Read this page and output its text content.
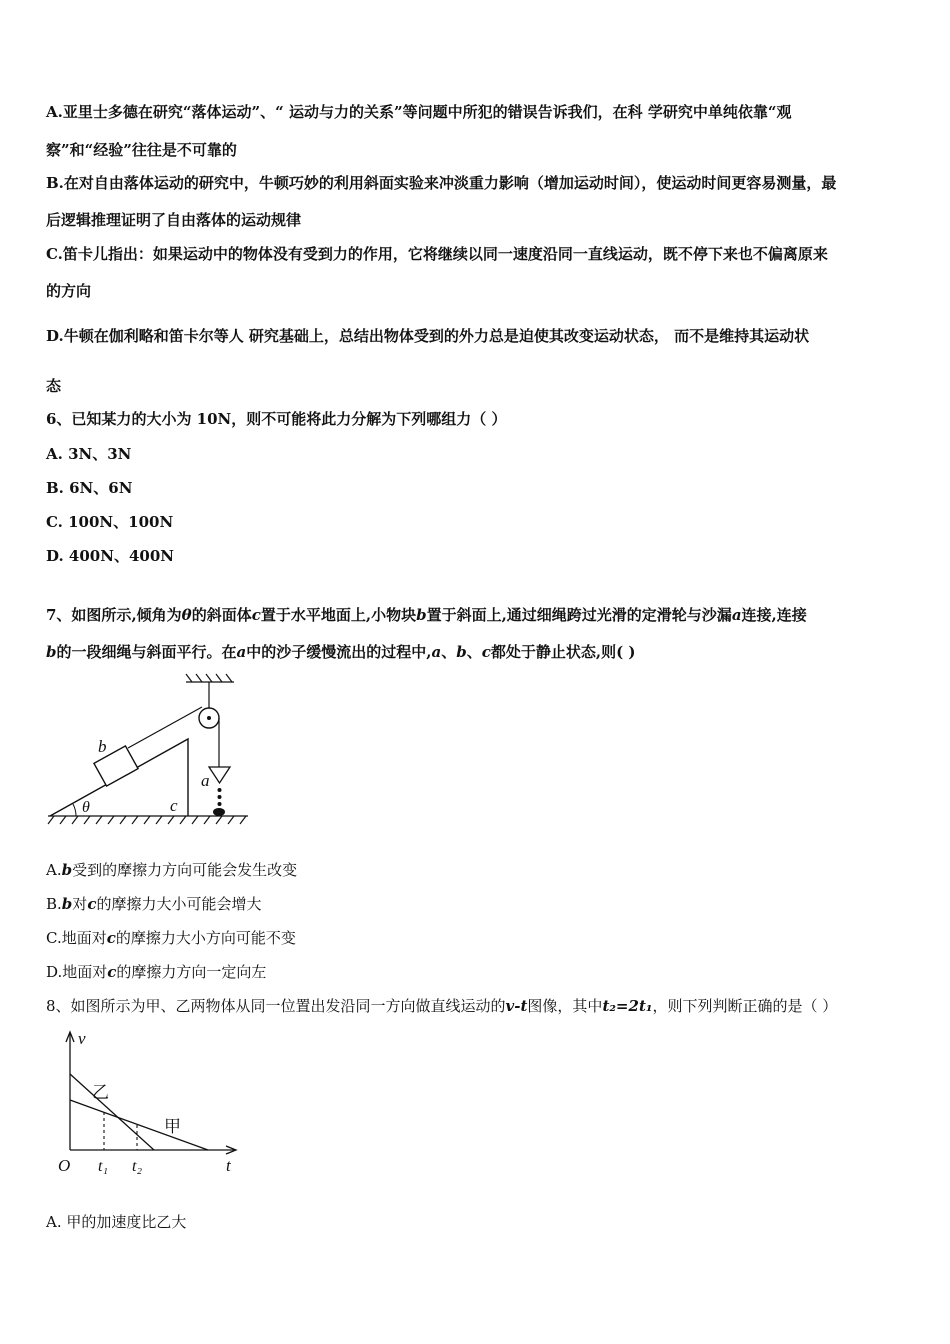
A.亚里士多德在研究“落体运动”、“ 运动与力的关系”等问题中所犯的错误告诉我们，在科 学研究中单纯依靠“观
察”和“经验”往往是不可靠的
B.在对自由落体运动的研究中，牛顿巧妙的利用斜面实验来冲淡重力影响（增加运动时间），使运动时间更容易测量，最
后逻辑推理证明了自由落体的运动规律
C.笛卡儿指出：如果运动中的物体没有受到力的作用，它将继续以同一速度沿同一直线运动，既不停下来也不偏离原来
的方向
D.牛顿在伽利略和笛卡尔等人 研究基础上，总结出物体受到的外力总是迫使其改变运动状态， 而不是维持其运动状
态
6、已知某力的大小为 10N，则不可能将此力分解为下列哪组力（ ）
A. 3N、3N
B. 6N、6N
C. 100N、100N
D. 400N、400N
7、如图所示,倾角为θ的斜面体c置于水平地面上,小物块b置于斜面上,通过细绳跨过光滑的定滑轮与沙漏a连接,连接
b的一段细绳与斜面平行。在a中的沙子缓慢流出的过程中,a、b、c都处于静止状态,则( )
b
a
θ	c
A.b受到的摩擦力方向可能会发生改变
B.b对c的摩擦力大小可能会增大
C.地面对c的摩擦力大小方向可能不变
D.地面对c的摩擦力方向一定向左
8、如图所示为甲、乙两物体从同一位置出发沿同一方向做直线运动的v-t图像，其中t₂=2t₁，则下列判断正确的是（ ）
v
t
O t₁ t₂
乙
甲
A. 甲的加速度比乙大
